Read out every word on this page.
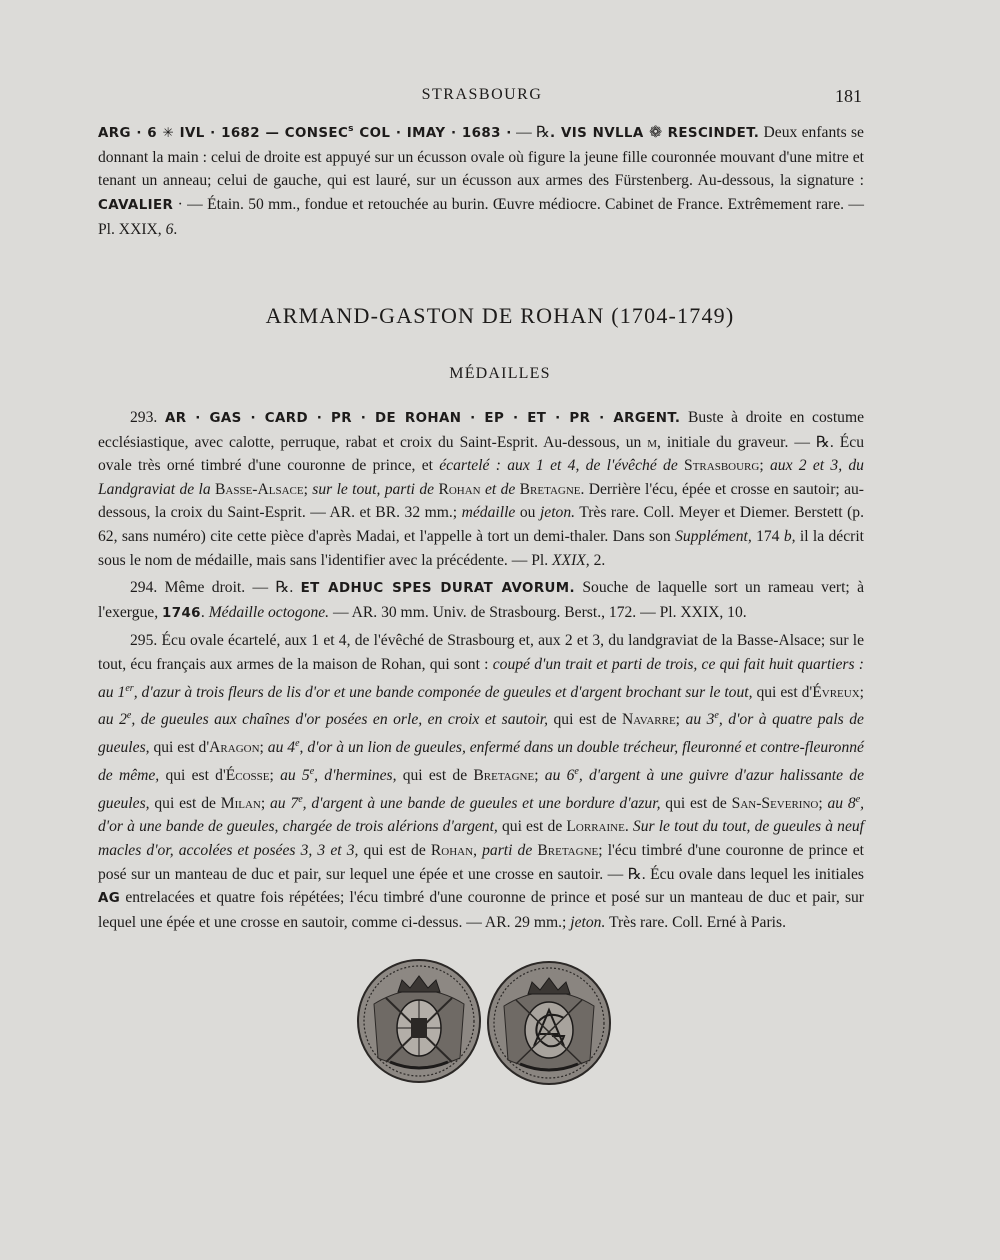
STRASBOURG	181

ARG · 6 ✳ IVL · 1682 — CONSEC$^s$ COL · IMAY · 1683 · — ℞. VIS NVLLA ❁ RESCINDET. Deux enfants se donnant la main : celui de droite est appuyé sur un écusson ovale où figure la jeune fille couronnée mouvant d'une mitre et tenant un anneau; celui de gauche, qui est lauré, sur un écusson aux armes des Fürstenberg. Au-dessous, la signature : CAVALIER · — Étain. 50 mm., fondue et retouchée au burin. Œuvre médiocre. Cabinet de France. Extrêmement rare. — Pl. XXIX, 6.

ARMAND-GASTON DE ROHAN (1704-1749)
MÉDAILLES

293. AR · GAS · CARD · PR · DE ROHAN · EP · ET · PR · ARGENT. Buste à droite en costume ecclésiastique, avec calotte, perruque, rabat et croix du Saint-Esprit. Au-dessous, un m, initiale du graveur. — ℞. Écu ovale très orné timbré d'une couronne de prince, et écartelé : aux 1 et 4, de l'évêché de Strasbourg; aux 2 et 3, du Landgraviat de la Basse-Alsace; sur le tout, parti de Rohan et de Bretagne. Derrière l'écu, épée et crosse en sautoir; au-dessous, la croix du Saint-Esprit. — AR. et BR. 32 mm.; médaille ou jeton. Très rare. Coll. Meyer et Diemer. Berstett (p. 62, sans numéro) cite cette pièce d'après Madai, et l'appelle à tort un demi-thaler. Dans son Supplément, 174 b, il la décrit sous le nom de médaille, mais sans l'identifier avec la précédente. — Pl. XXIX, 2.

294. Même droit. — ℞. ET ADHUC SPES DURAT AVORUM. Souche de laquelle sort un rameau vert; à l'exergue, 1746. Médaille octogone. — AR. 30 mm. Univ. de Strasbourg. Berst., 172. — Pl. XXIX, 10.

295. Écu ovale écartelé, aux 1 et 4, de l'évêché de Strasbourg et, aux 2 et 3, du landgraviat de la Basse-Alsace; sur le tout, écu français aux armes de la maison de Rohan, qui sont : coupé d'un trait et parti de trois, ce qui fait huit quartiers : au 1er, d'azur à trois fleurs de lis d'or et une bande componée de gueules et d'argent brochant sur le tout, qui est d'Évreux; au 2e, de gueules aux chaînes d'or posées en orle, en croix et sautoir, qui est de Navarre; au 3e, d'or à quatre pals de gueules, qui est d'Aragon; au 4e, d'or à un lion de gueules, enfermé dans un double trécheur, fleuronné et contre-fleuronné de même, qui est d'Écosse; au 5e, d'hermines, qui est de Bretagne; au 6e, d'argent à une guivre d'azur halissante de gueules, qui est de Milan; au 7e, d'argent à une bande de gueules et une bordure d'azur, qui est de San-Severino; au 8e, d'or à une bande de gueules, chargée de trois alérions d'argent, qui est de Lorraine. Sur le tout du tout, de gueules à neuf macles d'or, accolées et posées 3, 3 et 3, qui est de Rohan, parti de Bretagne; l'écu timbré d'une couronne de prince et posé sur un manteau de duc et pair, sur lequel une épée et une crosse en sautoir. — ℞. Écu ovale dans lequel les initiales AG entrelacées et quatre fois répétées; l'écu timbré d'une couronne de prince et posé sur un manteau de duc et pair, sur lequel une épée et une crosse en sautoir, comme ci-dessus. — AR. 29 mm.; jeton. Très rare. Coll. Erné à Paris.
